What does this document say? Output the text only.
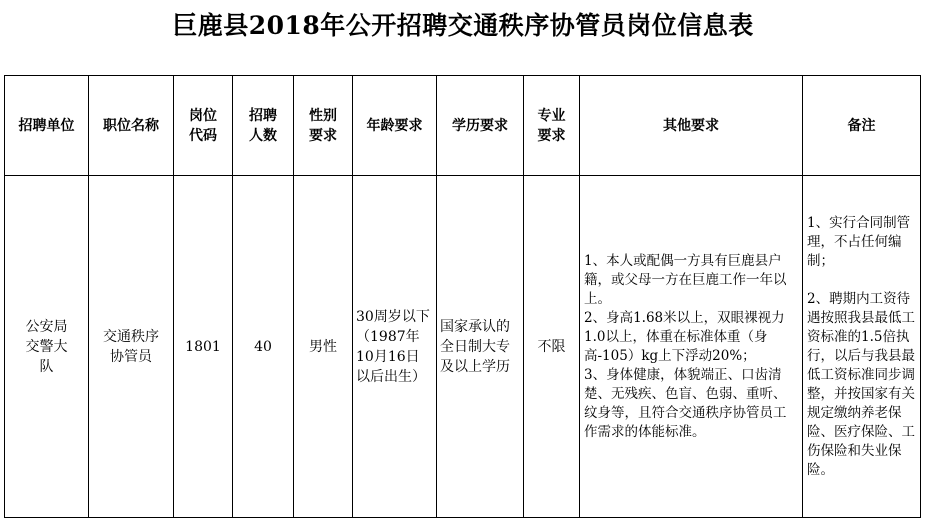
巨鹿县2018年公开招聘交通秩序协管员岗位信息表
招聘单位	职位名称	岗位代码	招聘人数	性别要求	年龄要求	学历要求	专业要求	其他要求	备注
公安局交警大队	交通秩序协管员	1801	40	男性	30周岁以下（1987年10月16日以后出生）	国家承认的全日制大专及以上学历	不限	1、本人或配偶一方具有巨鹿县户籍，或父母一方在巨鹿工作一年以上。
2、身高1.68米以上，双眼裸视力1.0以上，体重在标准体重（身高-105）kg上下浮动20%；
3、身体健康，体貌端正、口齿清楚、无残疾、色盲、色弱、重听、纹身等，且符合交通秩序协管员工作需求的体能标准。	1、实行合同制管理，不占任何编制；
2、聘期内工资待遇按照我县最低工资标准的1.5倍执行，以后与我县最低工资标准同步调整，并按国家有关规定缴纳养老保险、医疗保险、工伤保险和失业保险。
